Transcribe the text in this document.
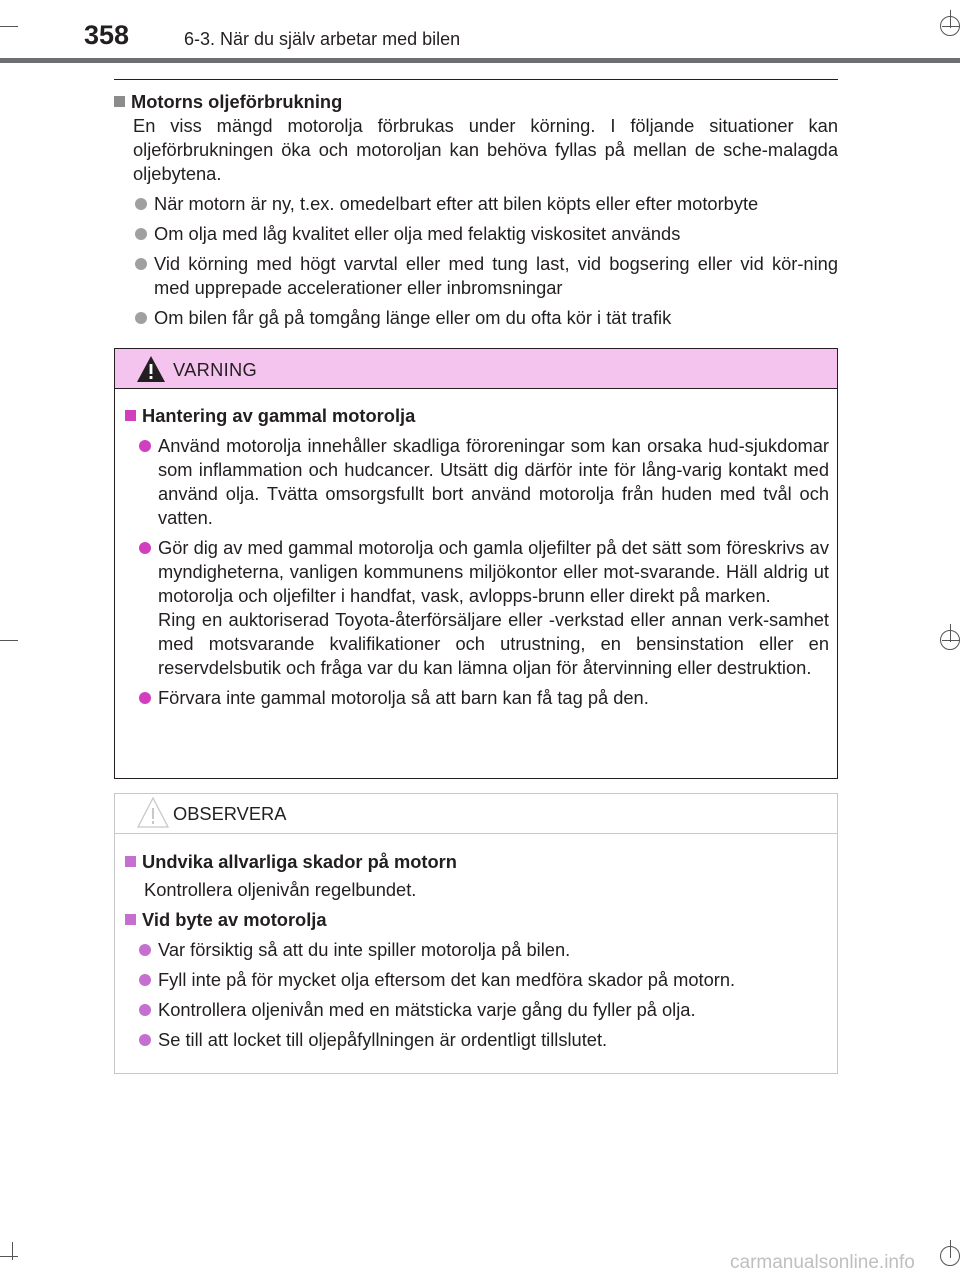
358	6-3. När du själv arbetar med bilen
Motorns oljeförbrukning

En viss mängd motorolja förbrukas under körning. I följande situationer kan oljeförbrukningen öka och motoroljan kan behöva fyllas på mellan de sche-malagda oljebytena.

När motorn är ny, t.ex. omedelbart efter att bilen köpts eller efter motorbyte
Om olja med låg kvalitet eller olja med felaktig viskositet används
Vid körning med högt varvtal eller med tung last, vid bogsering eller vid kör-ning med upprepade accelerationer eller inbromsningar
Om bilen får gå på tomgång länge eller om du ofta kör i tät trafik
VARNING
Hantering av gammal motorolja
Använd motorolja innehåller skadliga föroreningar som kan orsaka hud-sjukdomar som inflammation och hudcancer. Utsätt dig därför inte för lång-varig kontakt med använd olja. Tvätta omsorgsfullt bort använd motorolja från huden med tvål och vatten.
Gör dig av med gammal motorolja och gamla oljefilter på det sätt som föreskrivs av myndigheterna, vanligen kommunens miljökontor eller mot-svarande. Häll aldrig ut motorolja och oljefilter i handfat, vask, avlopps-brunn eller direkt på marken.
Ring en auktoriserad Toyota-återförsäljare eller -verkstad eller annan verk-samhet med motsvarande kvalifikationer och utrustning, en bensinstation eller en reservdelsbutik och fråga var du kan lämna oljan för återvinning eller destruktion.
Förvara inte gammal motorolja så att barn kan få tag på den.
OBSERVERA
Undvika allvarliga skador på motorn

Kontrollera oljenivån regelbundet.

Vid byte av motorolja
Var försiktig så att du inte spiller motorolja på bilen.
Fyll inte på för mycket olja eftersom det kan medföra skador på motorn.
Kontrollera oljenivån med en mätsticka varje gång du fyller på olja.
Se till att locket till oljepåfyllningen är ordentligt tillslutet.
carmanualsonline.info
